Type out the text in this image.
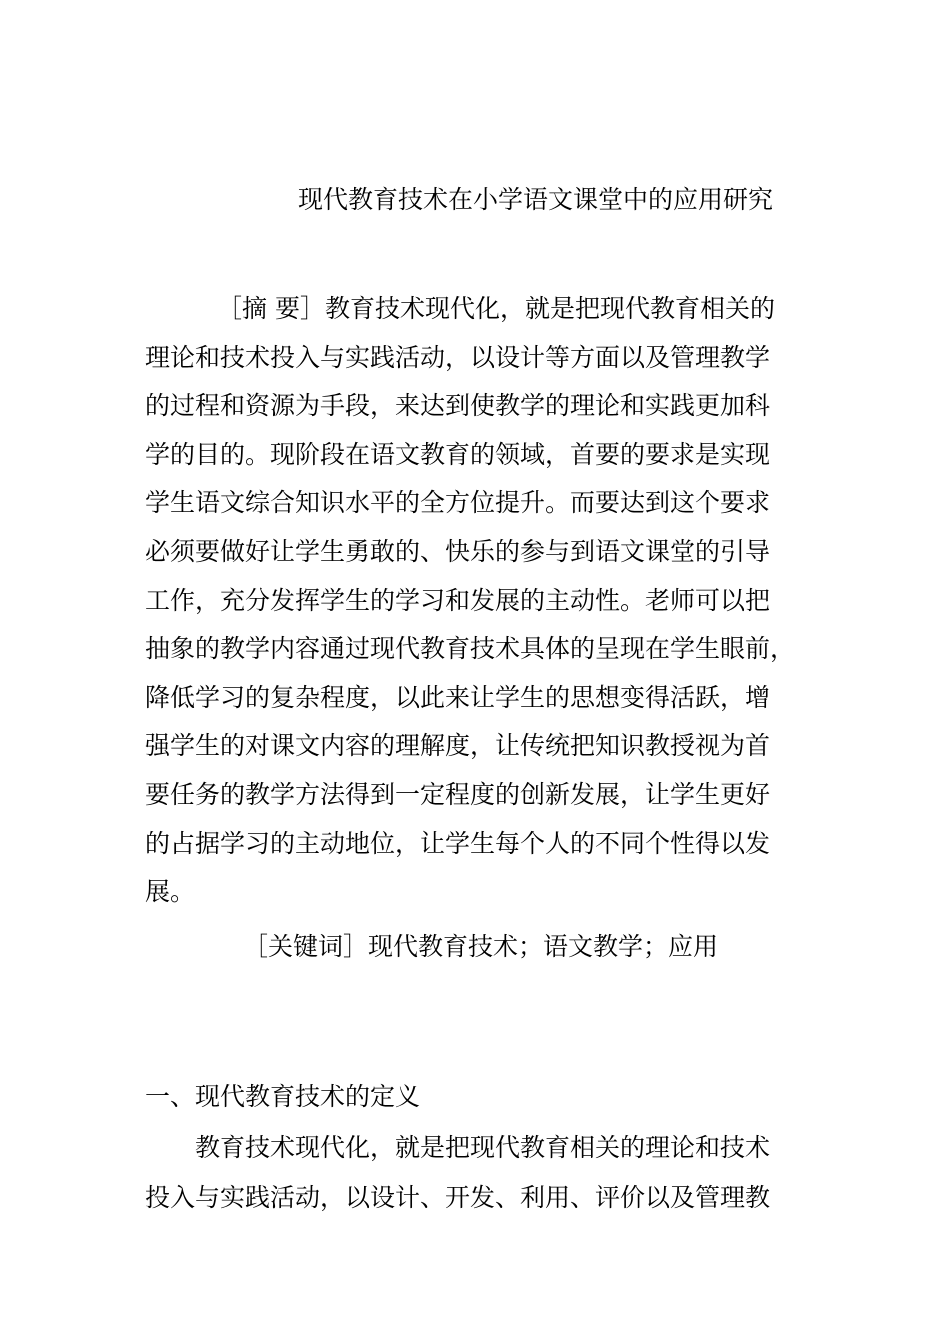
现代教育技术在小学语文课堂中的应用研究
［摘 要］教育技术现代化，就是把现代教育相关的
理论和技术投入与实践活动，以设计等方面以及管理教学
的过程和资源为手段，来达到使教学的理论和实践更加科
学的目的。现阶段在语文教育的领域，首要的要求是实现
学生语文综合知识水平的全方位提升。而要达到这个要求
必须要做好让学生勇敢的、快乐的参与到语文课堂的引导
工作，充分发挥学生的学习和发展的主动性。老师可以把
抽象的教学内容通过现代教育技术具体的呈现在学生眼前，
降低学习的复杂程度，以此来让学生的思想变得活跃，增
强学生的对课文内容的理解度，让传统把知识教授视为首
要任务的教学方法得到一定程度的创新发展，让学生更好
的占据学习的主动地位，让学生每个人的不同个性得以发
展。
［关键词］现代教育技术；语文教学；应用
一、现代教育技术的定义
教育技术现代化，就是把现代教育相关的理论和技术
投入与实践活动，以设计、开发、利用、评价以及管理教
